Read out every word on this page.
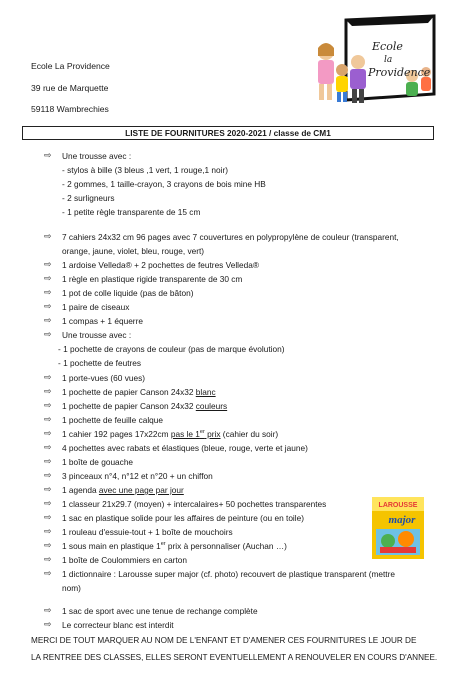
Ecole La Providence
39 rue de Marquette
59118 Wambrechies
Ecole
la
Providence
LISTE DE FOURNITURES 2020-2021 / classe de CM1
⇨ Une trousse avec :
- stylos à bille (3 bleus ,1 vert, 1 rouge,1 noir)
- 2 gommes, 1 taille-crayon, 3 crayons de bois mine HB
- 2 surligneurs
- 1 petite règle transparente de 15 cm
⇨ 7 cahiers 24x32 cm 96 pages avec 7 couvertures en polypropylène de couleur (transparent,
orange, jaune, violet, bleu, rouge, vert)
⇨ 1 ardoise Velleda® + 2 pochettes de feutres Velleda®
⇨ 1 règle en plastique rigide transparente de 30 cm
⇨ 1 pot de colle liquide (pas de bâton)
⇨ 1 paire de ciseaux
⇨ 1 compas + 1 équerre
⇨ Une trousse avec :
- 1 pochette de crayons de couleur (pas de marque évolution)
- 1 pochette de feutres
⇨ 1 porte-vues (60 vues)
⇨ 1 pochette de papier Canson 24x32 blanc
⇨ 1 pochette de papier Canson 24x32 couleurs
⇨ 1 pochette de feuille calque
⇨ 1 cahier 192 pages 17x22cm pas le 1er prix (cahier du soir)
⇨ 4 pochettes avec rabats et élastiques (bleue, rouge, verte et jaune)
⇨ 1 boîte de gouache
⇨ 3 pinceaux n°4, n°12 et n°20 + un chiffon
⇨ 1 agenda avec une page par jour
⇨ 1 classeur 21x29.7 (moyen) + intercalaires+ 50 pochettes transparentes
⇨ 1 sac en plastique solide pour les affaires de peinture (ou en toile)
⇨ 1 rouleau d'essuie-tout + 1 boîte de mouchoirs
⇨ 1 sous main en plastique 1er prix à personnaliser (Auchan …)
⇨ 1 boîte de Coulommiers en carton
⇨ 1 dictionnaire : Larousse super major (cf. photo) recouvert de plastique transparent (mettre
nom)
⇨ 1 sac de sport avec une tenue de rechange complète
⇨ Le correcteur blanc est interdit
LAROUSSE
major
MERCI DE TOUT MARQUER AU NOM DE L'ENFANT ET D'AMENER CES FOURNITURES LE JOUR DE
LA RENTREE DES CLASSES, ELLES SERONT EVENTUELLEMENT A RENOUVELER EN COURS D'ANNEE.
